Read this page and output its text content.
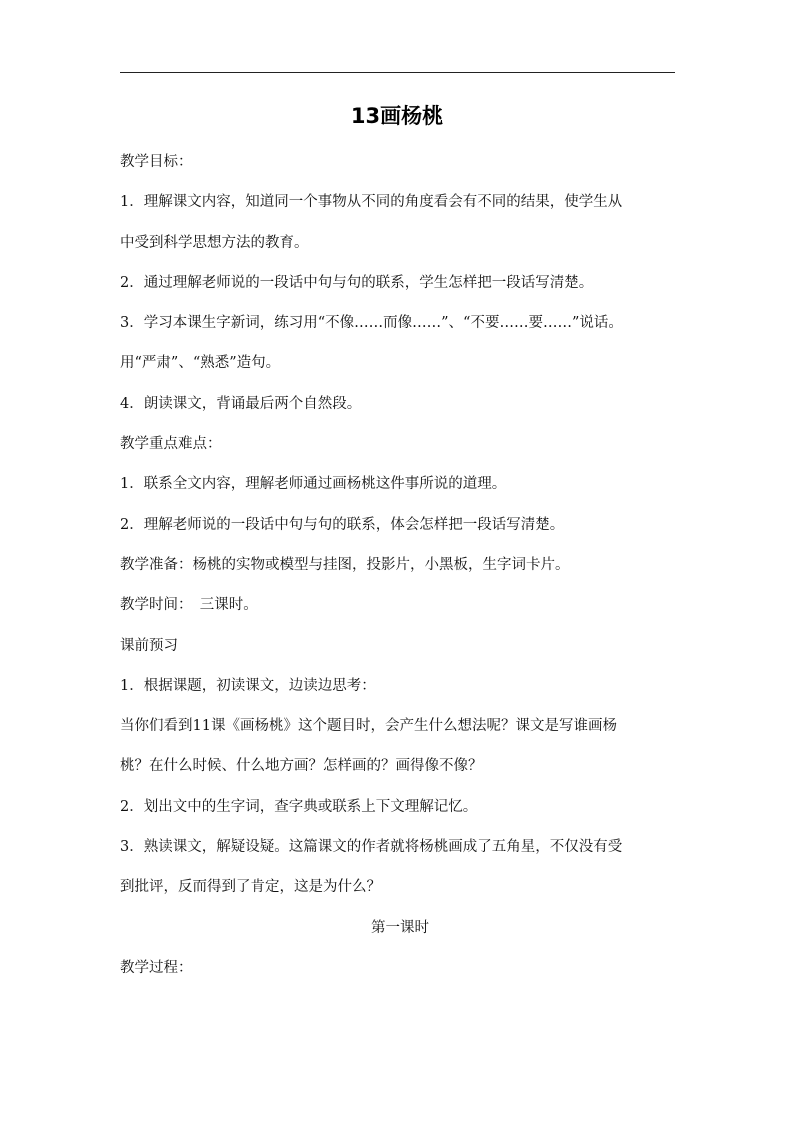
13画杨桃
教学目标：
1．理解课文内容，知道同一个事物从不同的角度看会有不同的结果，使学生从
中受到科学思想方法的教育。
2．通过理解老师说的一段话中句与句的联系，学生怎样把一段话写清楚。
3．学习本课生字新词，练习用“不像……而像……”、“不要……要……”说话。
用“严肃”、“熟悉”造句。
4．朗读课文，背诵最后两个自然段。
教学重点难点：
1．联系全文内容，理解老师通过画杨桃这件事所说的道理。
2．理解老师说的一段话中句与句的联系，体会怎样把一段话写清楚。
教学准备：杨桃的实物或模型与挂图，投影片，小黑板，生字词卡片。
教学时间：　三课时。
课前预习
1．根据课题，初读课文，边读边思考：
当你们看到11课《画杨桃》这个题目时，会产生什么想法呢？课文是写谁画杨
桃？在什么时候、什么地方画？怎样画的？画得像不像？
2．划出文中的生字词，查字典或联系上下文理解记忆。
3．熟读课文，解疑设疑。这篇课文的作者就将杨桃画成了五角星，不仅没有受
到批评，反而得到了肯定，这是为什么？
第一课时
教学过程：
